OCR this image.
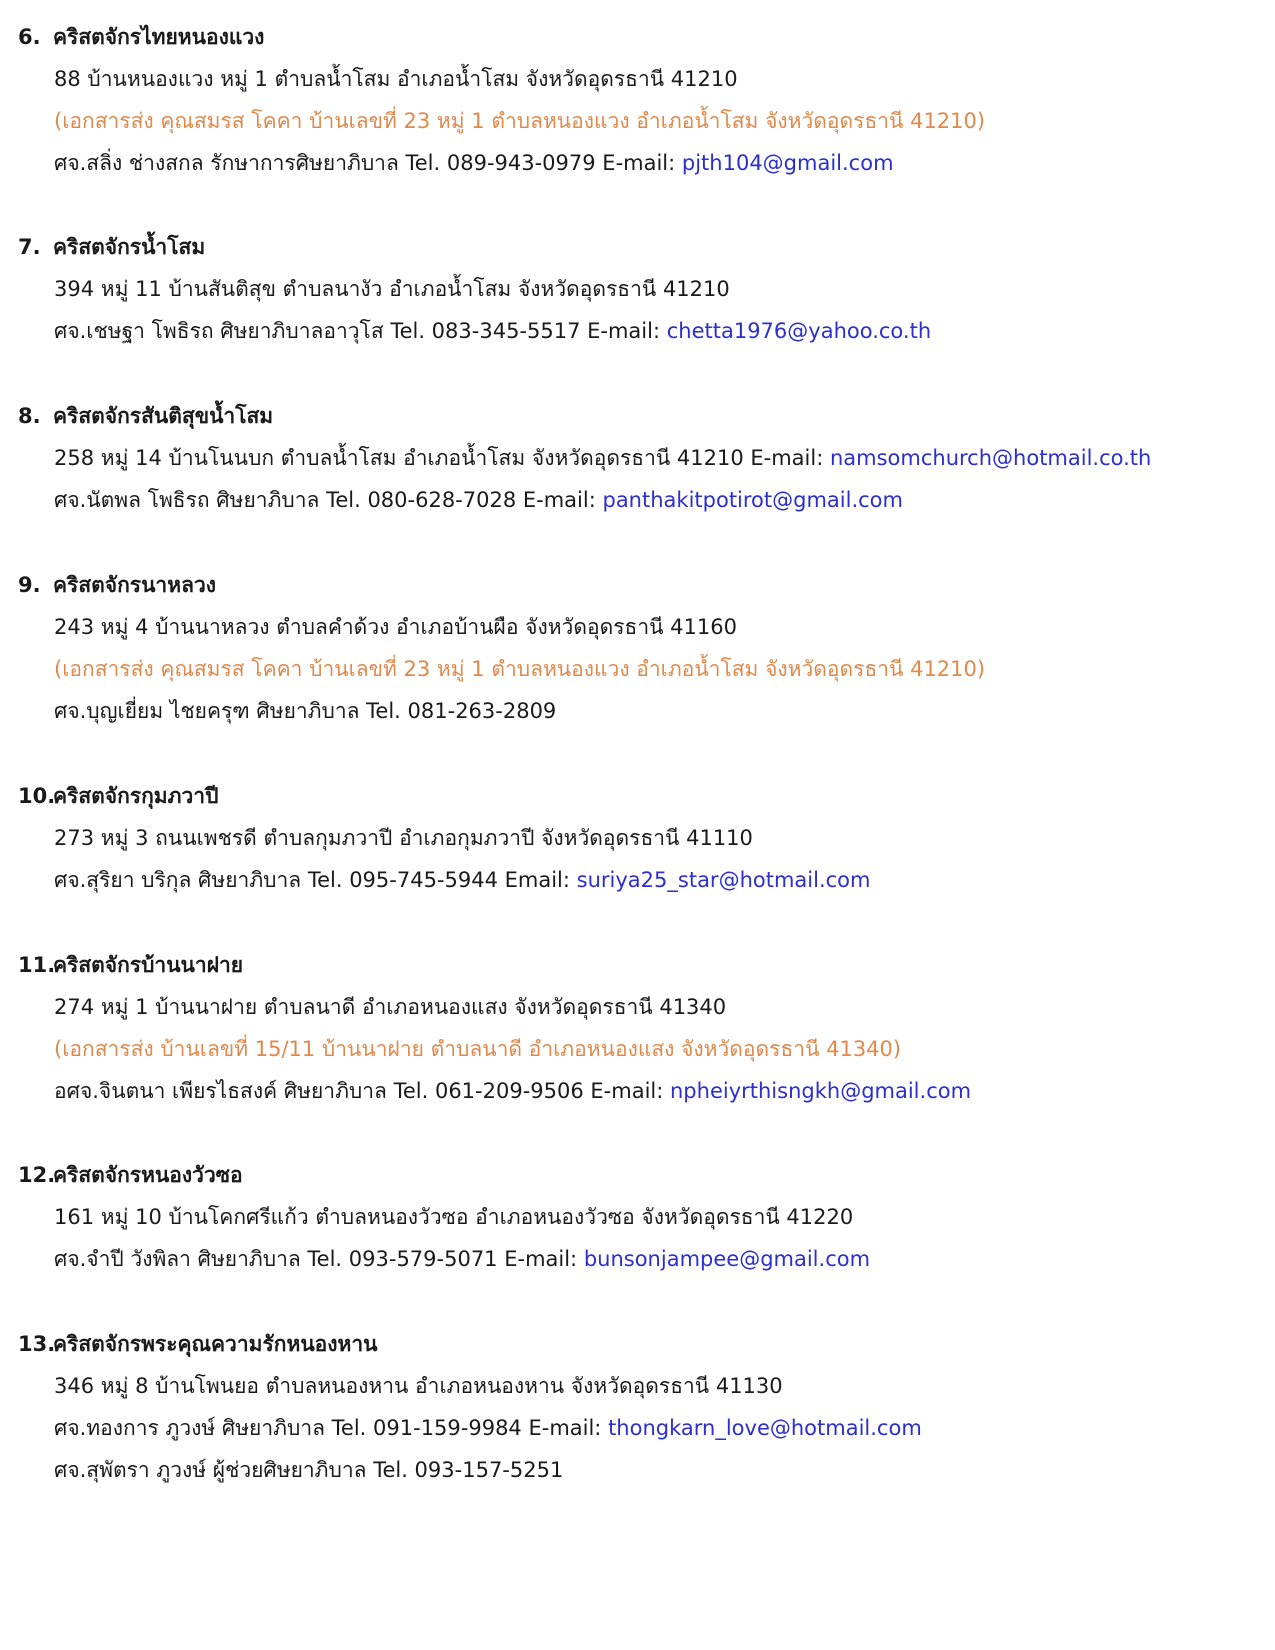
6. คริสตจักรไทยหนองแวง
88 บ้านหนองแวง หมู่ 1 ตำบลน้ำโสม อำเภอน้ำโสม จังหวัดอุดรธานี 41210
(เอกสารส่ง คุณสมรส โคคา บ้านเลขที่ 23 หมู่ 1 ตำบลหนองแวง อำเภอน้ำโสม จังหวัดอุดรธานี 41210)
ศจ.สลิ่ง ช่างสกล รักษาการศิษยาภิบาล Tel. 089-943-0979 E-mail: pjth104@gmail.com
7. คริสตจักรน้ำโสม
394 หมู่ 11 บ้านสันติสุข ตำบลนางัว อำเภอน้ำโสม จังหวัดอุดรธานี 41210
ศจ.เชษฐา โพธิรถ ศิษยาภิบาลอาวุโส Tel. 083-345-5517 E-mail: chetta1976@yahoo.co.th
8. คริสตจักรสันติสุขน้ำโสม
258 หมู่ 14 บ้านโนนบก ตำบลน้ำโสม อำเภอน้ำโสม จังหวัดอุดรธานี 41210 E-mail: namsomchurch@hotmail.co.th
ศจ.นัตพล โพธิรถ ศิษยาภิบาล Tel. 080-628-7028 E-mail: panthakitpotirot@gmail.com
9. คริสตจักรนาหลวง
243 หมู่ 4 บ้านนาหลวง ตำบลคำด้วง อำเภอบ้านผือ จังหวัดอุดรธานี 41160
(เอกสารส่ง คุณสมรส โคคา บ้านเลขที่ 23 หมู่ 1 ตำบลหนองแวง อำเภอน้ำโสม จังหวัดอุดรธานี 41210)
ศจ.บุญเยี่ยม ไชยครุฑ ศิษยาภิบาล Tel. 081-263-2809
10.คริสตจักรกุมภวาปี
273 หมู่ 3 ถนนเพชรดี ตำบลกุมภวาปี อำเภอกุมภวาปี จังหวัดอุดรธานี 41110
ศจ.สุริยา บริกุล ศิษยาภิบาล Tel. 095-745-5944 Email: suriya25_star@hotmail.com
11.คริสตจักรบ้านนาฝาย
274 หมู่ 1 บ้านนาฝาย ตำบลนาดี อำเภอหนองแสง จังหวัดอุดรธานี 41340
(เอกสารส่ง บ้านเลขที่ 15/11 บ้านนาฝาย ตำบลนาดี อำเภอหนองแสง จังหวัดอุดรธานี 41340)
อศจ.จินตนา เพียรไธสงค์ ศิษยาภิบาล Tel. 061-209-9506 E-mail: npheiyrthisngkh@gmail.com
12.คริสตจักรหนองวัวซอ
161 หมู่ 10 บ้านโคกศรีแก้ว ตำบลหนองวัวซอ อำเภอหนองวัวซอ จังหวัดอุดรธานี 41220
ศจ.จำปี วังพิลา ศิษยาภิบาล Tel. 093-579-5071 E-mail: bunsonjampee@gmail.com
13.คริสตจักรพระคุณความรักหนองหาน
346 หมู่ 8 บ้านโพนยอ ตำบลหนองหาน อำเภอหนองหาน จังหวัดอุดรธานี 41130
ศจ.ทองการ ภูวงษ์ ศิษยาภิบาล Tel. 091-159-9984 E-mail: thongkarn_love@hotmail.com
ศจ.สุพัตรา ภูวงษ์ ผู้ช่วยศิษยาภิบาล Tel. 093-157-5251
